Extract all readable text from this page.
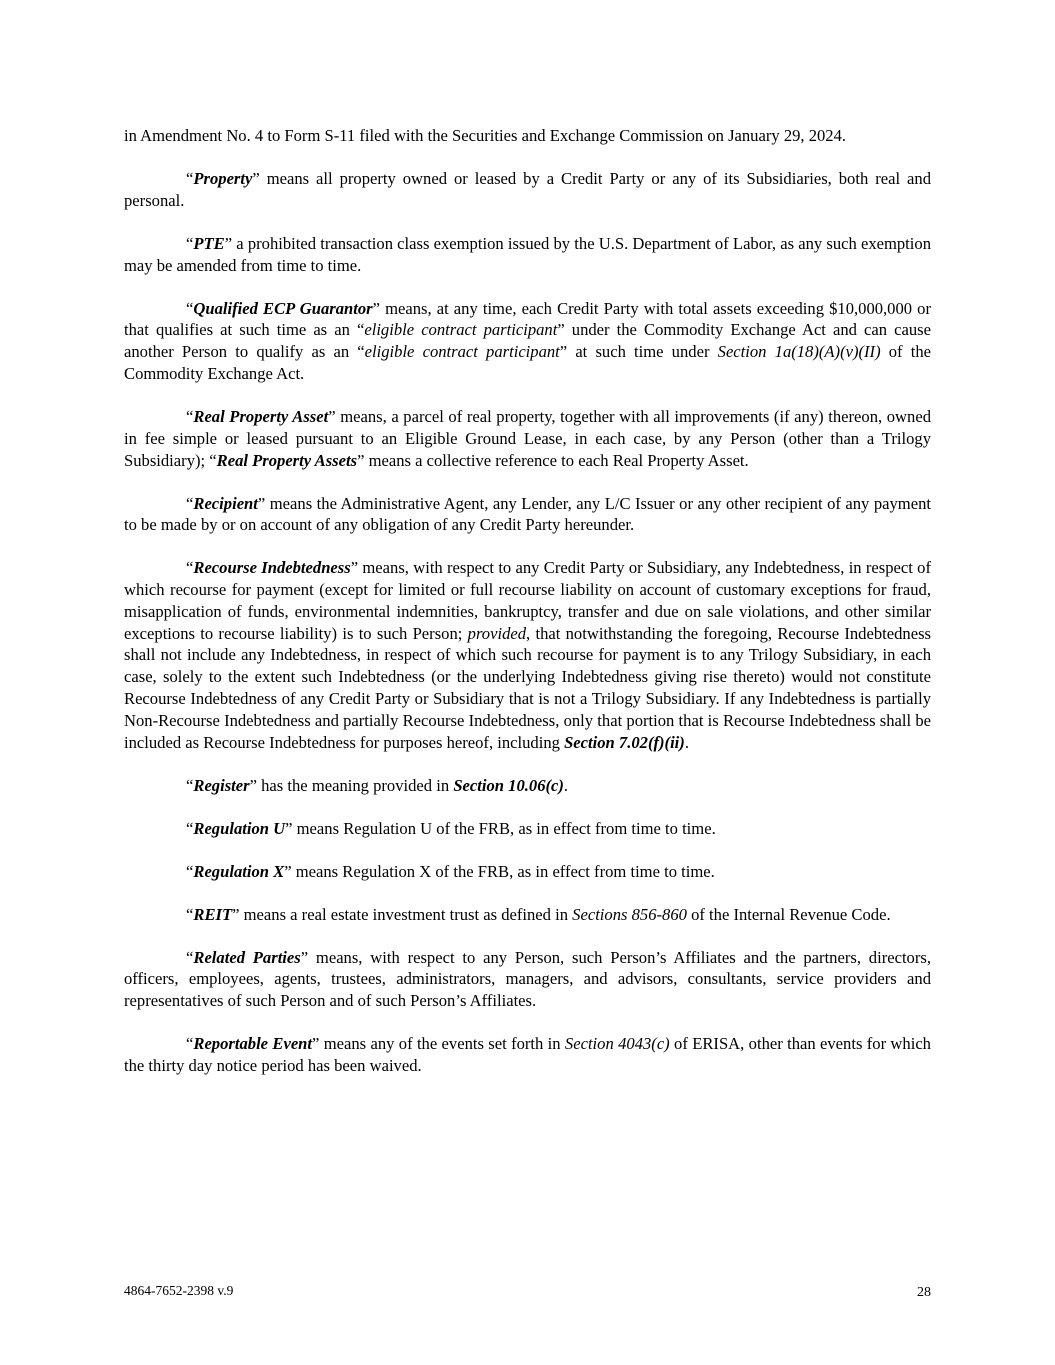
in Amendment No. 4 to Form S-11 filed with the Securities and Exchange Commission on January 29, 2024.

“Property” means all property owned or leased by a Credit Party or any of its Subsidiaries, both real and personal.

“PTE” a prohibited transaction class exemption issued by the U.S. Department of Labor, as any such exemption may be amended from time to time.

“Qualified ECP Guarantor” means, at any time, each Credit Party with total assets exceeding $10,000,000 or that qualifies at such time as an “eligible contract participant” under the Commodity Exchange Act and can cause another Person to qualify as an “eligible contract participant” at such time under Section 1a(18)(A)(v)(II) of the Commodity Exchange Act.

“Real Property Asset” means, a parcel of real property, together with all improvements (if any) thereon, owned in fee simple or leased pursuant to an Eligible Ground Lease, in each case, by any Person (other than a Trilogy Subsidiary); “Real Property Assets” means a collective reference to each Real Property Asset.

“Recipient” means the Administrative Agent, any Lender, any L/C Issuer or any other recipient of any payment to be made by or on account of any obligation of any Credit Party hereunder.

“Recourse Indebtedness” means, with respect to any Credit Party or Subsidiary, any Indebtedness, in respect of which recourse for payment (except for limited or full recourse liability on account of customary exceptions for fraud, misapplication of funds, environmental indemnities, bankruptcy, transfer and due on sale violations, and other similar exceptions to recourse liability) is to such Person; provided, that notwithstanding the foregoing, Recourse Indebtedness shall not include any Indebtedness, in respect of which such recourse for payment is to any Trilogy Subsidiary, in each case, solely to the extent such Indebtedness (or the underlying Indebtedness giving rise thereto) would not constitute Recourse Indebtedness of any Credit Party or Subsidiary that is not a Trilogy Subsidiary. If any Indebtedness is partially Non-Recourse Indebtedness and partially Recourse Indebtedness, only that portion that is Recourse Indebtedness shall be included as Recourse Indebtedness for purposes hereof, including Section 7.02(f)(ii).

“Register” has the meaning provided in Section 10.06(c).

“Regulation U” means Regulation U of the FRB, as in effect from time to time.

“Regulation X” means Regulation X of the FRB, as in effect from time to time.

“REIT” means a real estate investment trust as defined in Sections 856-860 of the Internal Revenue Code.

“Related Parties” means, with respect to any Person, such Person’s Affiliates and the partners, directors, officers, employees, agents, trustees, administrators, managers, and advisors, consultants, service providers and representatives of such Person and of such Person’s Affiliates.

“Reportable Event” means any of the events set forth in Section 4043(c) of ERISA, other than events for which the thirty day notice period has been waived.

4864-7652-2398 v.9	28
